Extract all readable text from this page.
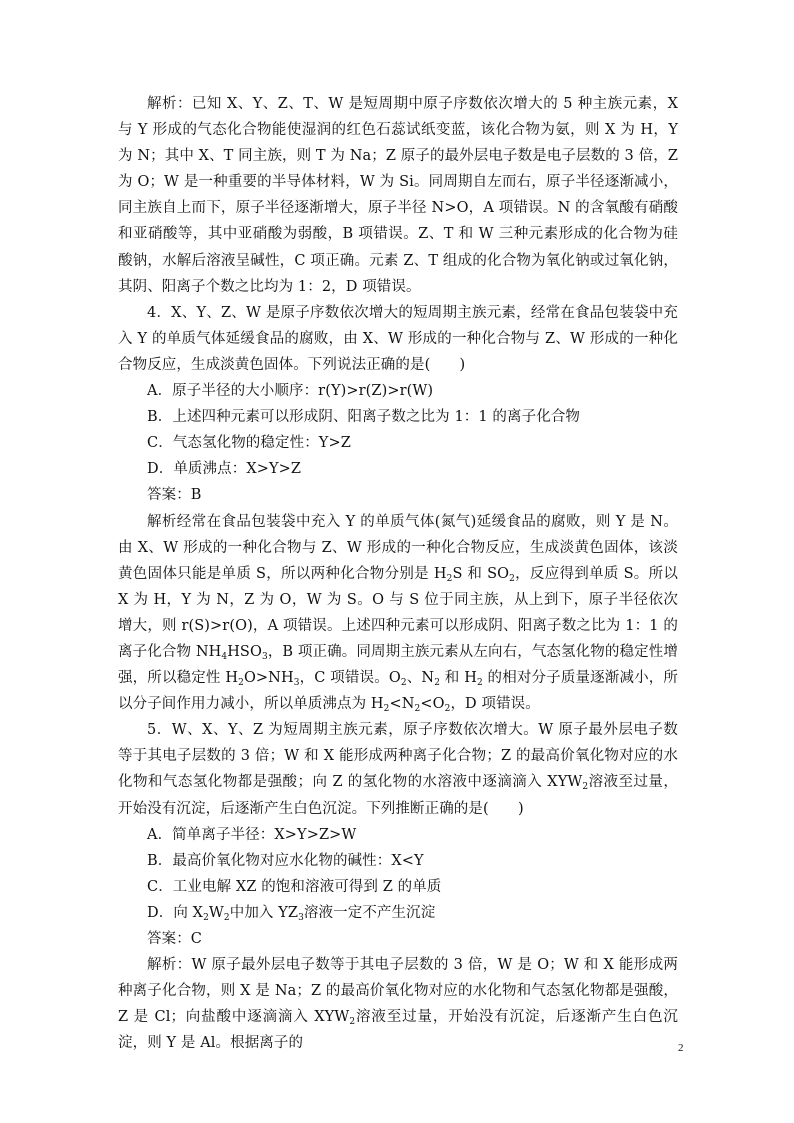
解析：已知 X、Y、Z、T、W 是短周期中原子序数依次增大的 5 种主族元素，X 与 Y 形成的气态化合物能使湿润的红色石蕊试纸变蓝，该化合物为氨，则 X 为 H，Y 为 N；其中 X、T 同主族，则 T 为 Na；Z 原子的最外层电子数是电子层数的 3 倍，Z 为 O；W 是一种重要的半导体材料，W 为 Si。同周期自左而右，原子半径逐渐减小，同主族自上而下，原子半径逐渐增大，原子半径 N>O，A 项错误。N 的含氧酸有硝酸和亚硝酸等，其中亚硝酸为弱酸，B 项错误。Z、T 和 W 三种元素形成的化合物为硅酸钠，水解后溶液呈碱性，C 项正确。元素 Z、T 组成的化合物为氧化钠或过氧化钠，其阴、阳离子个数之比均为 1：2，D 项错误。

4．X、Y、Z、W 是原子序数依次增大的短周期主族元素，经常在食品包装袋中充入 Y 的单质气体延缓食品的腐败，由 X、W 形成的一种化合物与 Z、W 形成的一种化合物反应，生成淡黄色固体。下列说法正确的是(　　)

A．原子半径的大小顺序：r(Y)>r(Z)>r(W)

B．上述四种元素可以形成阴、阳离子数之比为 1：1 的离子化合物

C．气态氢化物的稳定性：Y>Z

D．单质沸点：X>Y>Z

答案：B

解析经常在食品包装袋中充入 Y 的单质气体(氮气)延缓食品的腐败，则 Y 是 N。由 X、W 形成的一种化合物与 Z、W 形成的一种化合物反应，生成淡黄色固体，该淡黄色固体只能是单质 S，所以两种化合物分别是 $H_2S$ 和 $SO_2$，反应得到单质 S。所以 X 为 H，Y 为 N，Z 为 O，W 为 S。O 与 S 位于同主族，从上到下，原子半径依次增大，则 r(S)>r(O)，A 项错误。上述四种元素可以形成阴、阳离子数之比为 1：1 的离子化合物 $NH_4HSO_3$，B 项正确。同周期主族元素从左向右，气态氢化物的稳定性增强，所以稳定性 $H_2O>NH_3$，C 项错误。$O_2$、$N_2$ 和 $H_2$ 的相对分子质量逐渐减小，所以分子间作用力减小，所以单质沸点为 $H_2<N_2<O_2$，D 项错误。

5．W、X、Y、Z 为短周期主族元素，原子序数依次增大。W 原子最外层电子数等于其电子层数的 3 倍；W 和 X 能形成两种离子化合物；Z 的最高价氧化物对应的水化物和气态氢化物都是强酸；向 Z 的氢化物的水溶液中逐滴滴入 $XYW_2$溶液至过量，开始没有沉淀，后逐渐产生白色沉淀。下列推断正确的是(　　)

A．简单离子半径：X>Y>Z>W

B．最高价氧化物对应水化物的碱性：X<Y

C．工业电解 XZ 的饱和溶液可得到 Z 的单质

D．向 $X_2W_2$中加入 $YZ_3$溶液一定不产生沉淀

答案：C

解析：W 原子最外层电子数等于其电子层数的 3 倍，W 是 O；W 和 X 能形成两种离子化合物，则 X 是 Na；Z 的最高价氧化物对应的水化物和气态氢化物都是强酸，Z 是 Cl；向盐酸中逐滴滴入 $XYW_2$溶液至过量，开始没有沉淀，后逐渐产生白色沉淀，则 Y 是 Al。根据离子的	2
